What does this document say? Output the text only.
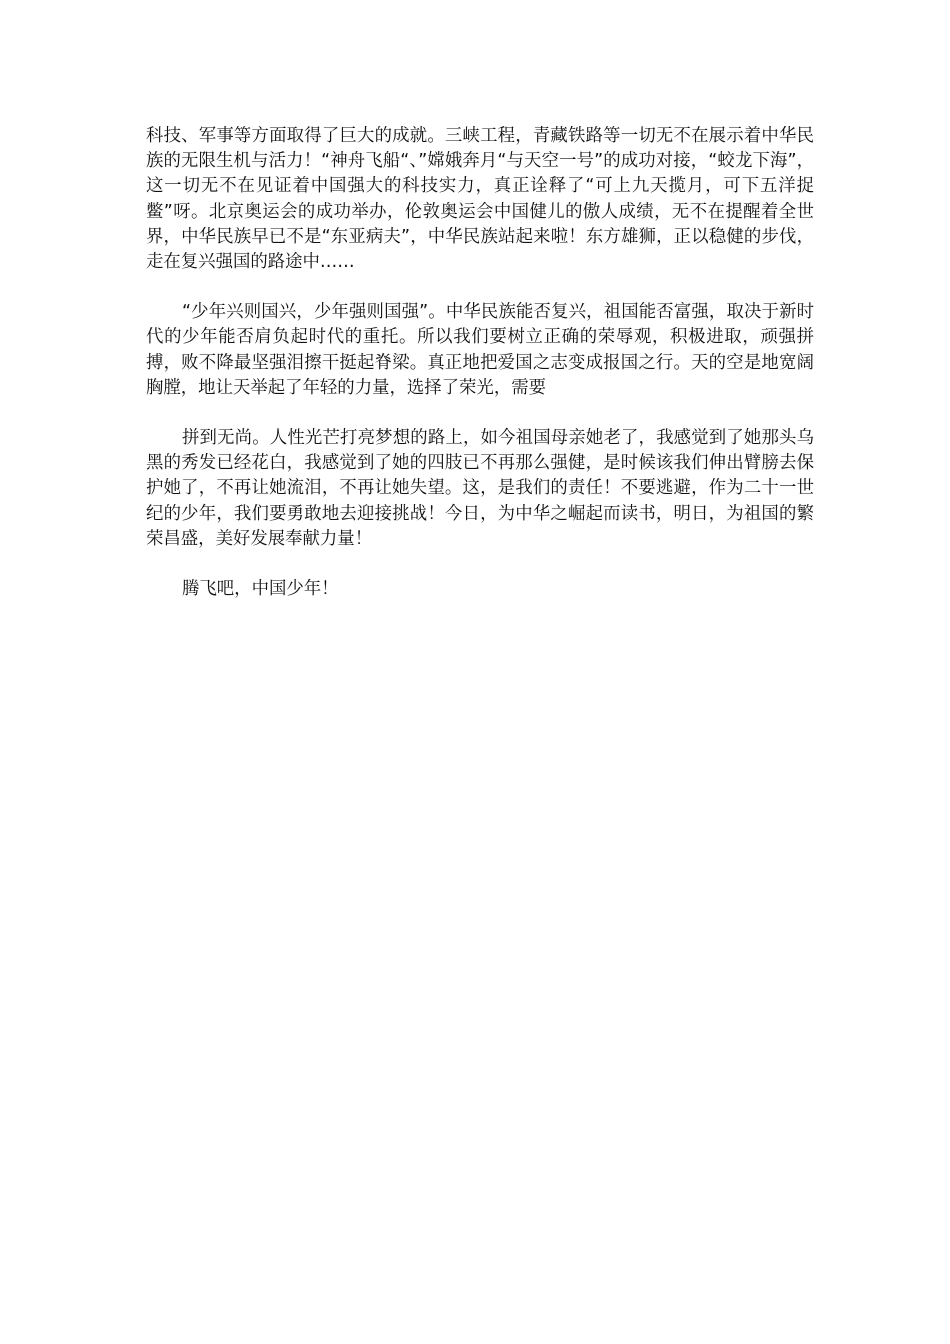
科技、军事等方面取得了巨大的成就。三峡工程，青藏铁路等一切无不在展示着中华民族的无限生机与活力！“神舟飞船“、”嫦娥奔月“与天空一号”的成功对接，“蛟龙下海”，这一切无不在见证着中国强大的科技实力，真正诠释了“可上九天揽月，可下五洋捉鳖”呀。北京奥运会的成功举办，伦敦奥运会中国健儿的傲人成绩，无不在提醒着全世界，中华民族早已不是“东亚病夫”，中华民族站起来啦！东方雄狮，正以稳健的步伐，走在复兴强国的路途中……

“少年兴则国兴，少年强则国强”。中华民族能否复兴，祖国能否富强，取决于新时代的少年能否肩负起时代的重托。所以我们要树立正确的荣辱观，积极进取，顽强拼搏，败不降最坚强泪擦干挺起脊梁。真正地把爱国之志变成报国之行。天的空是地宽阔胸膛，地让天举起了年轻的力量，选择了荣光，需要

拼到无尚。人性光芒打亮梦想的路上，如今祖国母亲她老了，我感觉到了她那头乌黑的秀发已经花白，我感觉到了她的四肢已不再那么强健，是时候该我们伸出臂膀去保护她了，不再让她流泪，不再让她失望。这，是我们的责任！不要逃避，作为二十一世纪的少年，我们要勇敢地去迎接挑战！今日，为中华之崛起而读书，明日，为祖国的繁荣昌盛，美好发展奉献力量！

腾飞吧，中国少年！
